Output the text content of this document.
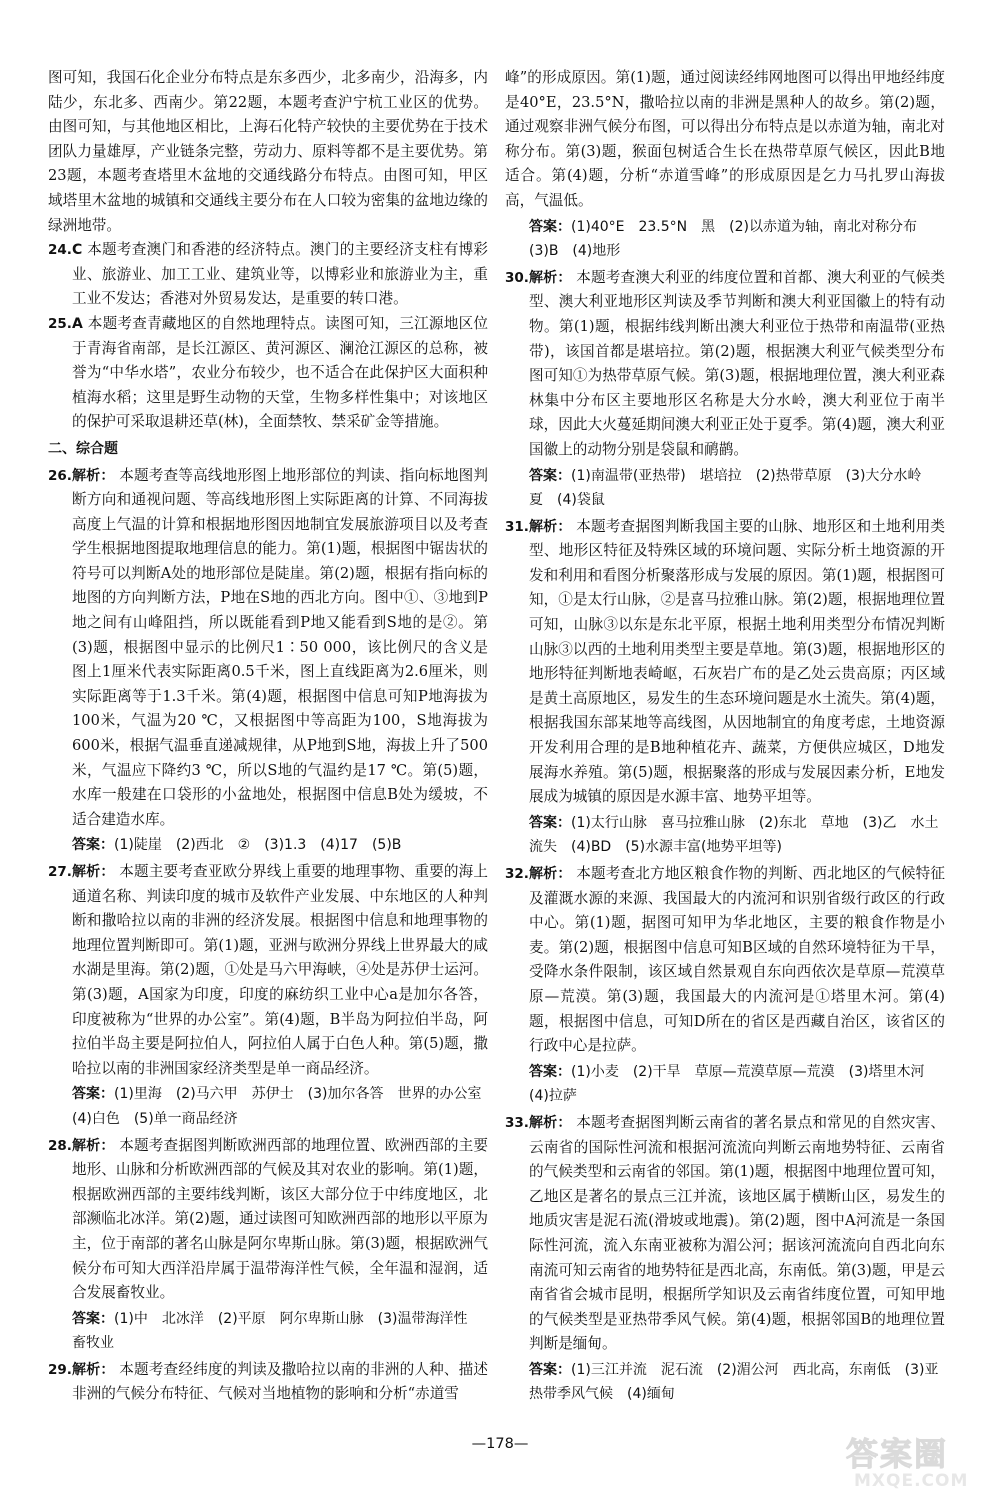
图可知，我国石化企业分布特点是东多西少，北多南少，沿海多，内陆少，东北多、西南少。第22题，本题考查沪宁杭工业区的优势。由图可知，与其他地区相比，上海石化特产较快的主要优势在于技术团队力量雄厚，产业链条完整，劳动力、原料等都不是主要优势。第23题，本题考查塔里木盆地的交通线路分布特点。由图可知，甲区域塔里木盆地的城镇和交通线主要分布在人口较为密集的盆地边缘的绿洲地带。

24. C 本题考查澳门和香港的经济特点。澳门的主要经济支柱有博彩业、旅游业、加工工业、建筑业等，以博彩业和旅游业为主，重工业不发达；香港对外贸易发达，是重要的转口港。

25. A 本题考查青藏地区的自然地理特点。读图可知，三江源地区位于青海省南部，是长江源区、黄河源区、澜沧江源区的总称，被誉为“中华水塔”，农业分布较少，也不适合在此保护区大面积种植海水稻；这里是野生动物的天堂，生物多样性集中；对该地区的保护可采取退耕还草(林)，全面禁牧、禁采矿金等措施。

二、综合题

26. 解析： 本题考查等高线地形图上地形部位的判读、指向标地图判断方向和通视问题、等高线地形图上实际距离的计算、不同海拔高度上气温的计算和根据地形图因地制宜发展旅游项目以及考查学生根据地图提取地理信息的能力。第(1)题，根据图中锯齿状的符号可以判断A处的地形部位是陡崖。第(2)题，根据有指向标的地图的方向判断方法，P地在S地的西北方向。图中①、③地到P地之间有山峰阻挡，所以既能看到P地又能看到S地的是②。第(3)题，根据图中显示的比例尺1∶50 000，该比例尺的含义是图上1厘米代表实际距离0.5千米，图上直线距离为2.6厘米，则实际距离等于1.3千米。第(4)题，根据图中信息可知P地海拔为100米，气温为20 ℃，又根据图中等高距为100，S地海拔为600米，根据气温垂直递减规律，从P地到S地，海拔上升了500米，气温应下降约3 ℃，所以S地的气温约是17 ℃。第(5)题，水库一般建在口袋形的小盆地处，根据图中信息B处为缓坡，不适合建造水库。

答案：(1)陡崖　(2)西北　②　(3)1.3　(4)17　(5)B

27. 解析： 本题主要考查亚欧分界线上重要的地理事物、重要的海上通道名称、判读印度的城市及软件产业发展、中东地区的人种判断和撒哈拉以南的非洲的经济发展。根据图中信息和地理事物的地理位置判断即可。第(1)题，亚洲与欧洲分界线上世界最大的咸水湖是里海。第(2)题，①处是马六甲海峡，④处是苏伊士运河。第(3)题，A国家为印度，印度的麻纺织工业中心a是加尔各答，印度被称为“世界的办公室”。第(4)题，B半岛为阿拉伯半岛，阿拉伯半岛主要是阿拉伯人，阿拉伯人属于白色人种。第(5)题，撒哈拉以南的非洲国家经济类型是单一商品经济。

答案：(1)里海　(2)马六甲　苏伊士　(3)加尔各答　世界的办公室　(4)白色　(5)单一商品经济

28. 解析： 本题考查据图判断欧洲西部的地理位置、欧洲西部的主要地形、山脉和分析欧洲西部的气候及其对农业的影响。第(1)题，根据欧洲西部的主要纬线判断，该区大部分位于中纬度地区，北部濒临北冰洋。第(2)题，通过读图可知欧洲西部的地形以平原为主，位于南部的著名山脉是阿尔卑斯山脉。第(3)题，根据欧洲气候分布可知大西洋沿岸属于温带海洋性气候，全年温和湿润，适合发展畜牧业。

答案：(1)中　北冰洋　(2)平原　阿尔卑斯山脉　(3)温带海洋性　畜牧业

29. 解析： 本题考查经纬度的判读及撒哈拉以南的非洲的人种、描述非洲的气候分布特征、气候对当地植物的影响和分析“赤道雪

峰”的形成原因。第(1)题，通过阅读经纬网地图可以得出甲地经纬度是40°E，23.5°N，撒哈拉以南的非洲是黑种人的故乡。第(2)题，通过观察非洲气候分布图，可以得出分布特点是以赤道为轴，南北对称分布。第(3)题，猴面包树适合生长在热带草原气候区，因此B地适合。第(4)题，分析“赤道雪峰”的形成原因是乞力马扎罗山海拔高，气温低。

答案：(1)40°E　23.5°N　黑　(2)以赤道为轴，南北对称分布　(3)B　(4)地形

30. 解析： 本题考查澳大利亚的纬度位置和首都、澳大利亚的气候类型、澳大利亚地形区判读及季节判断和澳大利亚国徽上的特有动物。第(1)题，根据纬线判断出澳大利亚位于热带和南温带(亚热带)，该国首都是堪培拉。第(2)题，根据澳大利亚气候类型分布图可知①为热带草原气候。第(3)题，根据地理位置，澳大利亚森林集中分布区主要地形区名称是大分水岭，澳大利亚位于南半球，因此大火蔓延期间澳大利亚正处于夏季。第(4)题，澳大利亚国徽上的动物分别是袋鼠和鸸鹋。

答案：(1)南温带(亚热带)　堪培拉　(2)热带草原　(3)大分水岭　夏　(4)袋鼠

31. 解析： 本题考查据图判断我国主要的山脉、地形区和土地利用类型、地形区特征及特殊区域的环境问题、实际分析土地资源的开发和利用和看图分析聚落形成与发展的原因。第(1)题，根据图可知，①是太行山脉，②是喜马拉雅山脉。第(2)题，根据地理位置可知，山脉③以东是东北平原，根据土地利用类型分布情况判断山脉③以西的土地利用类型主要是草地。第(3)题，根据地形区的地形特征判断地表崎岖，石灰岩广布的是乙处云贵高原；丙区域是黄土高原地区，易发生的生态环境问题是水土流失。第(4)题，根据我国东部某地等高线图，从因地制宜的角度考虑，土地资源开发利用合理的是B地种植花卉、蔬菜，方便供应城区，D地发展海水养殖。第(5)题，根据聚落的形成与发展因素分析，E地发展成为城镇的原因是水源丰富、地势平坦等。

答案：(1)太行山脉　喜马拉雅山脉　(2)东北　草地　(3)乙　水土流失　(4)BD　(5)水源丰富(地势平坦等)

32. 解析： 本题考查北方地区粮食作物的判断、西北地区的气候特征及灌溉水源的来源、我国最大的内流河和识别省级行政区的行政中心。第(1)题，据图可知甲为华北地区，主要的粮食作物是小麦。第(2)题，根据图中信息可知B区域的自然环境特征为干旱，受降水条件限制，该区域自然景观自东向西依次是草原—荒漠草原—荒漠。第(3)题，我国最大的内流河是①塔里木河。第(4)题，根据图中信息，可知D所在的省区是西藏自治区，该省区的行政中心是拉萨。

答案：(1)小麦　(2)干旱　草原—荒漠草原—荒漠　(3)塔里木河　(4)拉萨

33. 解析： 本题考查据图判断云南省的著名景点和常见的自然灾害、云南省的国际性河流和根据河流流向判断云南地势特征、云南省的气候类型和云南省的邻国。第(1)题，根据图中地理位置可知，乙地区是著名的景点三江并流，该地区属于横断山区，易发生的地质灾害是泥石流(滑坡或地震)。第(2)题，图中A河流是一条国际性河流，流入东南亚被称为湄公河；据该河流流向自西北向东南流可知云南省的地势特征是西北高，东南低。第(3)题，甲是云南省省会城市昆明，根据所学知识及云南省纬度位置，可知甲地的气候类型是亚热带季风气候。第(4)题，根据邻国B的地理位置判断是缅甸。

答案：(1)三江并流　泥石流　(2)湄公河　西北高，东南低　(3)亚热带季风气候　(4)缅甸
—178—	答案圈
MXQE.COM
